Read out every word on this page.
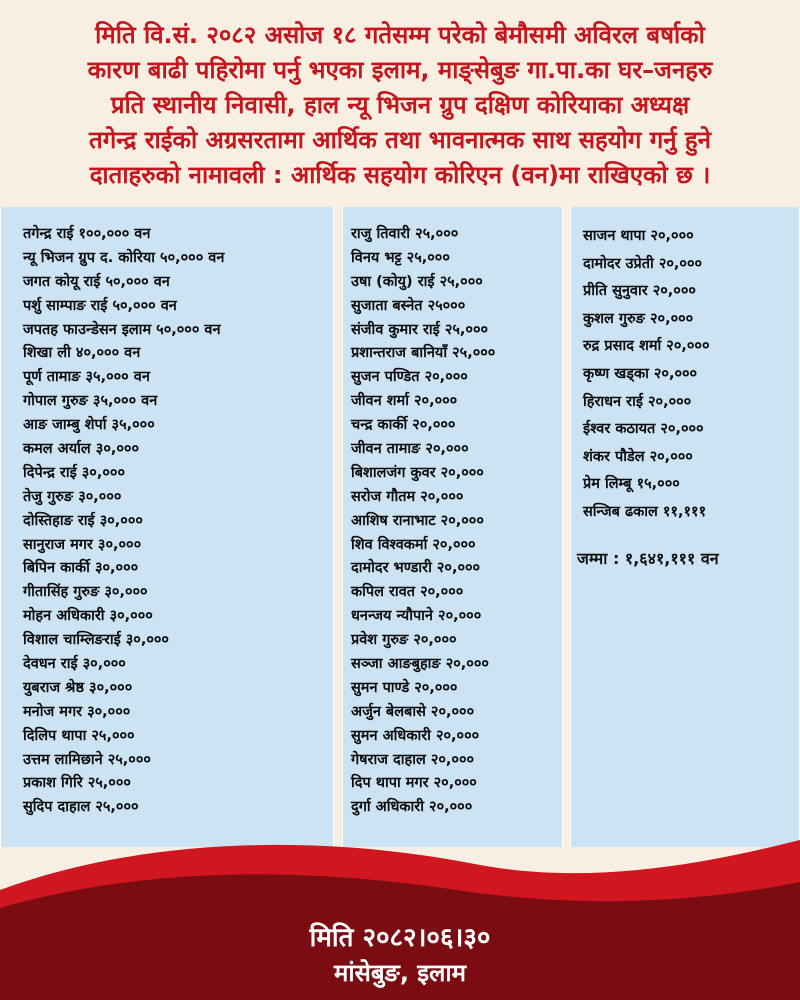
मिति वि.सं. २०८२ असोज १८ गतेसम्म परेको बेमौसमी अविरल बर्षाको
कारण बाढी पहिरोमा पर्नु भएका इलाम, माङ्सेबुङ गा.पा.का घर–जनहरु
प्रति स्थानीय निवासी, हाल न्यू भिजन ग्रुप दक्षिण कोरियाका अध्यक्ष
तगेन्द्र राईको अग्रसरतामा आर्थिक तथा भावनात्मक साथ सहयोग गर्नु हुने
दाताहरुको नामावली : आर्थिक सहयोग कोरिएन (वन)मा राखिएको छ ।
तगेन्द्र राई १००,००० वन
न्यू भिजन ग्रुप द. कोरिया ५०,००० वन
जगत कोयू राई ५०,००० वन
पर्शु साम्पाङ राई ५०,००० वन
जपतह फाउन्डेसन इलाम ५०,००० वन
शिखा ली ४०,००० वन
पूर्ण तामाङ ३५,००० वन
गोपाल गुरुङ ३५,००० वन
आङ जाम्बु शेर्पा ३५,०००
कमल अर्याल ३०,०००
दिपेन्द्र राई ३०,०००
तेजु गुरुङ ३०,०००
दोस्तिहाङ राई ३०,०००
सानुराज मगर ३०,०००
बिपिन कार्की ३०,०००
गीतासिंह गुरुङ ३०,०००
मोहन अधिकारी ३०,०००
विशाल चाम्लिङराई ३०,०००
देवधन राई ३०,०००
युबराज श्रेष्ठ ३०,०००
मनोज मगर ३०,०००
दिलिप थापा २५,०००
उत्तम लामिछाने २५,०००
प्रकाश गिरि २५,०००
सुदिप दाहाल २५,०००
राजु तिवारी २५,०००
विनय भट्ट २५,०००
उषा (कोयु) राई २५,०००
सुजाता बस्नेत २५०००
संजीव कुमार राई २५,०००
प्रशान्तराज बानियाँ २५,०००
सुजन पण्डित २०,०००
जीवन शर्मा २०,०००
चन्द्र कार्की २०,०००
जीवन तामाङ २०,०००
बिशालजंग कुवर २०,०००
सरोज गौतम २०,०००
आशिष रानाभाट २०,०००
शिव विश्वकर्मा २०,०००
दामोदर भण्डारी २०,०००
कपिल रावत २०,०००
धनन्जय न्यौपाने २०,०००
प्रवेश गुरुङ २०,०००
सञ्जा आङबुहाङ २०,०००
सुमन पाण्डे २०,०००
अर्जुन बेलबासे २०,०००
सुमन अधिकारी २०,०००
गेषराज दाहाल २०,०००
दिप थापा मगर २०,०००
दुर्गा अधिकारी २०,०००
साजन थापा २०,०००
दामोदर उप्रेती २०,०००
प्रीति सुनुवार २०,०००
कुशल गुरुङ २०,०००
रुद्र प्रसाद शर्मा २०,०००
कृष्ण खड्का २०,०००
हिराधन राई २०,०००
ईश्वर कठायत २०,०००
शंकर पौडेल २०,०००
प्रेम लिम्बू १५,०००
सन्जिब ढकाल ११,१११
जम्मा : १,६४१,१११ वन
मिति २०८२।०६।३०
मांसेबुङ, इलाम
